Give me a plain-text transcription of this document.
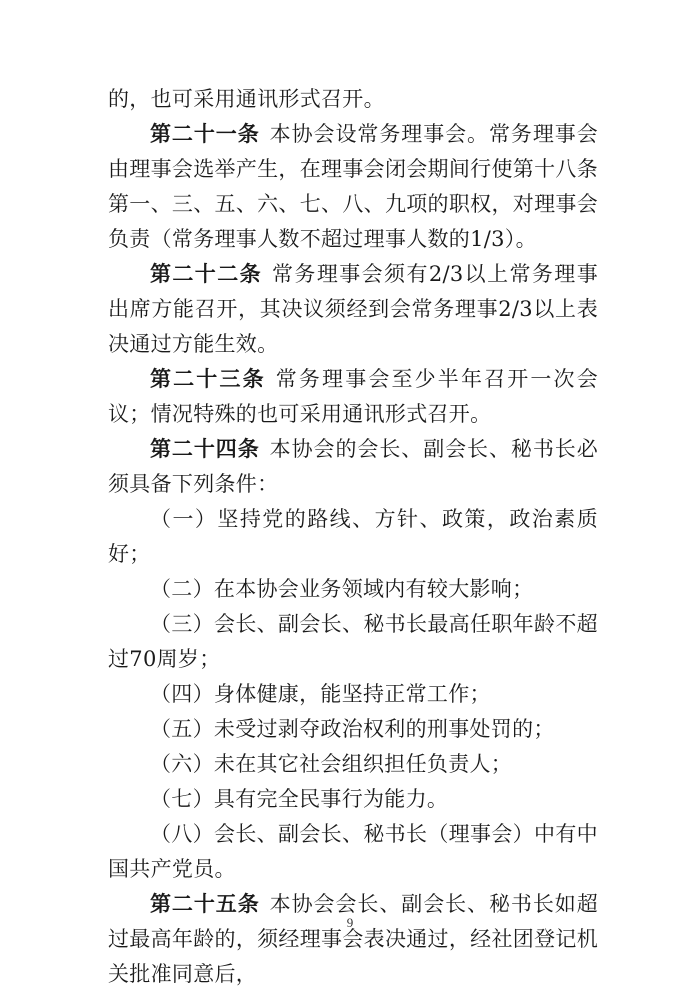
的，也可采用通讯形式召开。

第二十一条 本协会设常务理事会。常务理事会由理事会选举产生，在理事会闭会期间行使第十八条第一、三、五、六、七、八、九项的职权，对理事会负责（常务理事人数不超过理事人数的1/3）。

第二十二条 常务理事会须有2/3以上常务理事出席方能召开，其决议须经到会常务理事2/3以上表决通过方能生效。

第二十三条 常务理事会至少半年召开一次会议；情况特殊的也可采用通讯形式召开。

第二十四条 本协会的会长、副会长、秘书长必须具备下列条件：

（一）坚持党的路线、方针、政策，政治素质好；

（二）在本协会业务领域内有较大影响；

（三）会长、副会长、秘书长最高任职年龄不超过70周岁；

（四）身体健康，能坚持正常工作；

（五）未受过剥夺政治权利的刑事处罚的；

（六）未在其它社会组织担任负责人；

（七）具有完全民事行为能力。

（八）会长、副会长、秘书长（理事会）中有中国共产党员。

第二十五条 本协会会长、副会长、秘书长如超过最高年龄的，须经理事会表决通过，经社团登记机关批准同意后，

9
